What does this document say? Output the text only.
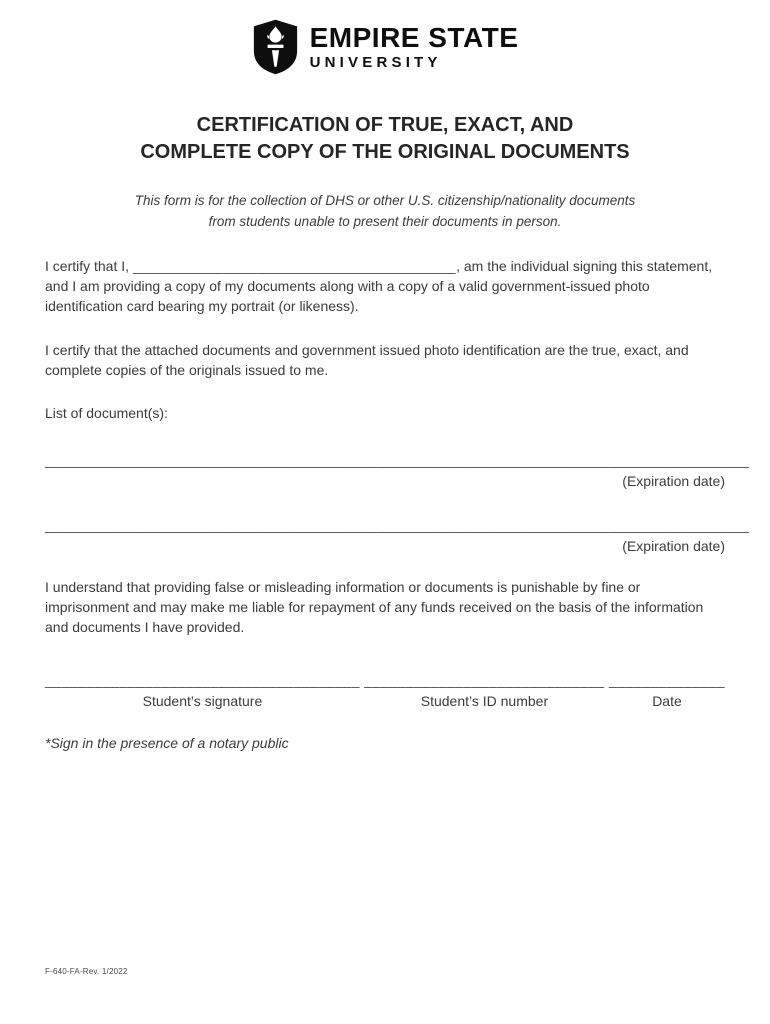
EMPIRE STATE
UNIVERSITY
CERTIFICATION OF TRUE, EXACT, AND
COMPLETE COPY OF THE ORIGINAL DOCUMENTS
This form is for the collection of DHS or other U.S. citizenship/nationality documents
from students unable to present their documents in person.

I certify that I, _______________________________________, am the individual signing this statement, and I am providing a copy of my documents along with a copy of a valid government-issued photo identification card bearing my portrait (or likeness).

I certify that the attached documents and government issued photo identification are the true, exact, and complete copies of the originals issued to me.

List of document(s):

______________________________________________________________________ _______________
(Expiration date)
______________________________________________________________________ _______________
(Expiration date)

I understand that providing false or misleading information or documents is punishable by fine or imprisonment and may make me liable for repayment of any funds received on the basis of the information and documents I have provided.

______________________________________
Student’s signature
_____________________________
Student’s ID number
______________
Date

*Sign in the presence of a notary public

F-640-FA-Rev. 1/2022
